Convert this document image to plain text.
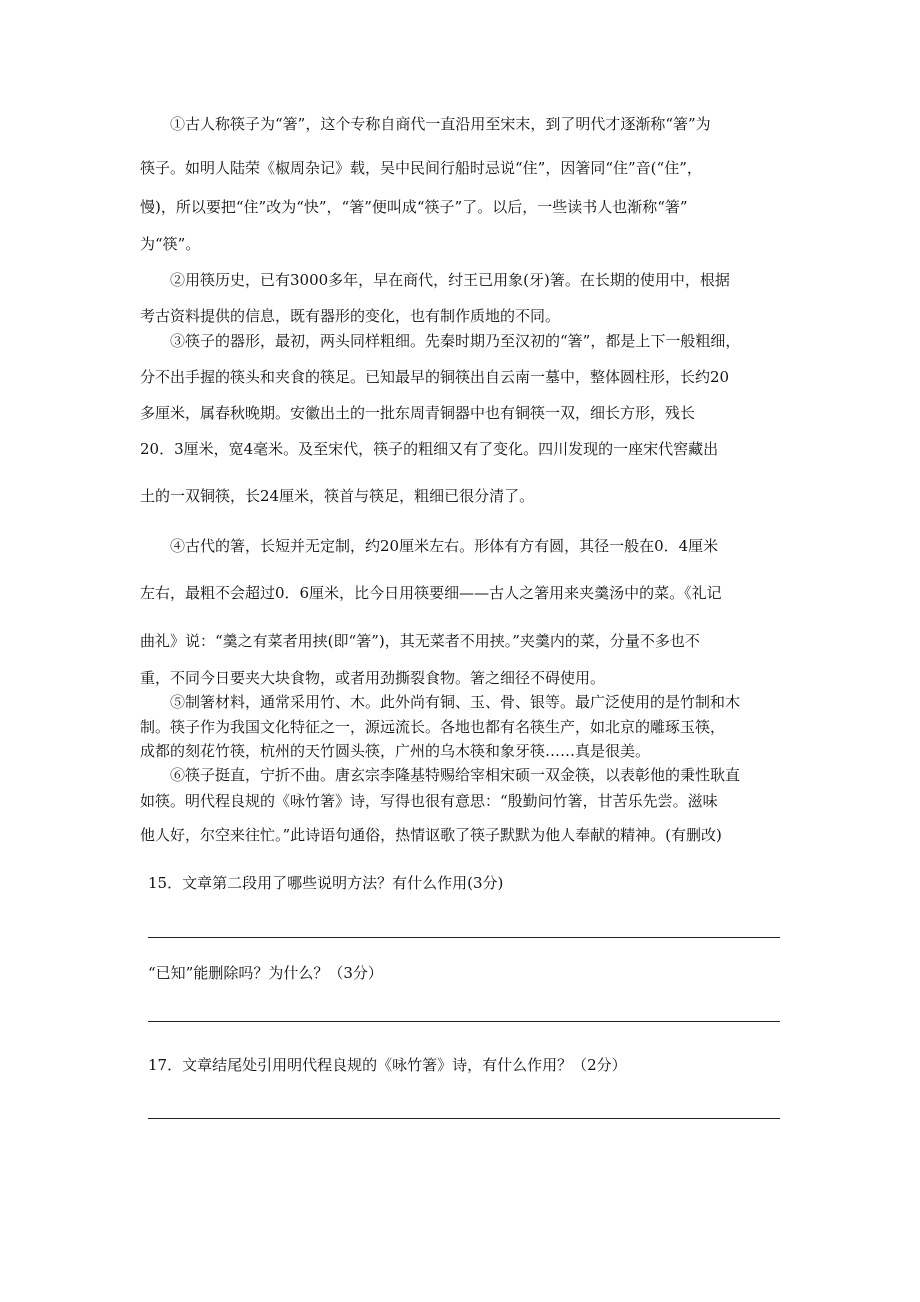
　　①古人称筷子为“箸”，这个专称自商代一直沿用至宋末，到了明代才逐渐称“箸”为
筷子。如明人陆荣《椒周杂记》载，吴中民间行船时忌说“住”，因箸同“住”音(“住”，
慢)，所以要把“住”改为“快”，“箸”便叫成“筷子”了。以后，一些读书人也渐称“箸”
为“筷”。
　　②用筷历史，已有3000多年，早在商代，纣王已用象(牙)箸。在长期的使用中，根据
考古资料提供的信息，既有器形的变化，也有制作质地的不同。
　　③筷子的器形，最初，两头同样粗细。先秦时期乃至汉初的“箸”，都是上下一般粗细，
分不出手握的筷头和夹食的筷足。已知最早的铜筷出自云南一墓中，整体圆柱形，长约20
多厘米，属春秋晚期。安徽出土的一批东周青铜器中也有铜筷一双，细长方形，残长
20．3厘米，宽4毫米。及至宋代，筷子的粗细又有了变化。四川发现的一座宋代窖藏出
土的一双铜筷，长24厘米，筷首与筷足，粗细已很分清了。
　　④古代的箸，长短并无定制，约20厘米左右。形体有方有圆，其径一般在0．4厘米
左右，最粗不会超过0．6厘米，比今日用筷要细——古人之箸用来夹羹汤中的菜。《礼记
曲礼》说：“羹之有菜者用挟(即“箸”)，其无菜者不用挟。”夹羹内的菜，分量不多也不
重，不同今日要夹大块食物，或者用劲撕裂食物。箸之细径不碍使用。
　　⑤制箸材料，通常采用竹、木。此外尚有铜、玉、骨、银等。最广泛使用的是竹制和木
制。筷子作为我国文化特征之一，源远流长。各地也都有名筷生产，如北京的雕琢玉筷，
成都的刻花竹筷，杭州的天竹圆头筷，广州的乌木筷和象牙筷……真是很美。
　　⑥筷子挺直，宁折不曲。唐玄宗李隆基特赐给宰相宋硕一双金筷，以表彰他的秉性耿直
如筷。明代程良规的《咏竹箸》诗，写得也很有意思：“殷勤问竹箸，甘苦乐先尝。滋味
他人好，尔空来往忙。”此诗语句通俗，热情讴歌了筷子默默为他人奉献的精神。(有删改)
15．文章第二段用了哪些说明方法？有什么作用(3分)
“已知”能删除吗？为什么？（3分）
17．文章结尾处引用明代程良规的《咏竹箸》诗，有什么作用？（2分）
